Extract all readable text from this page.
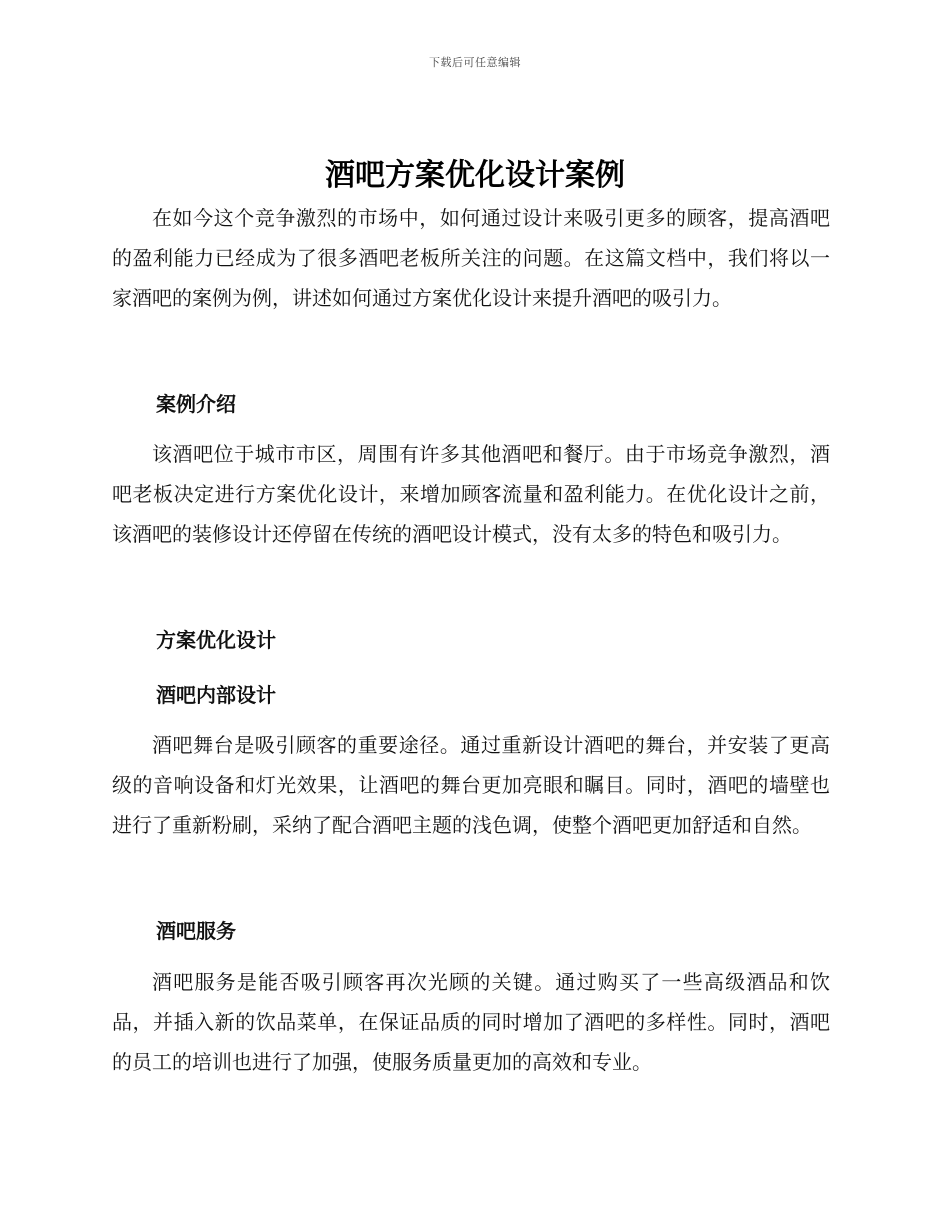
下载后可任意编辑
酒吧方案优化设计案例

在如今这个竞争激烈的市场中，如何通过设计来吸引更多的顾客，提高酒吧的盈利能力已经成为了很多酒吧老板所关注的问题。在这篇文档中，我们将以一家酒吧的案例为例，讲述如何通过方案优化设计来提升酒吧的吸引力。

案例介绍

该酒吧位于城市市区，周围有许多其他酒吧和餐厅。由于市场竞争激烈，酒吧老板决定进行方案优化设计，来增加顾客流量和盈利能力。在优化设计之前，该酒吧的装修设计还停留在传统的酒吧设计模式，没有太多的特色和吸引力。

方案优化设计
酒吧内部设计

酒吧舞台是吸引顾客的重要途径。通过重新设计酒吧的舞台，并安装了更高级的音响设备和灯光效果，让酒吧的舞台更加亮眼和瞩目。同时，酒吧的墙壁也进行了重新粉刷，采纳了配合酒吧主题的浅色调，使整个酒吧更加舒适和自然。

酒吧服务

酒吧服务是能否吸引顾客再次光顾的关键。通过购买了一些高级酒品和饮品，并插入新的饮品菜单，在保证品质的同时增加了酒吧的多样性。同时，酒吧的员工的培训也进行了加强，使服务质量更加的高效和专业。
